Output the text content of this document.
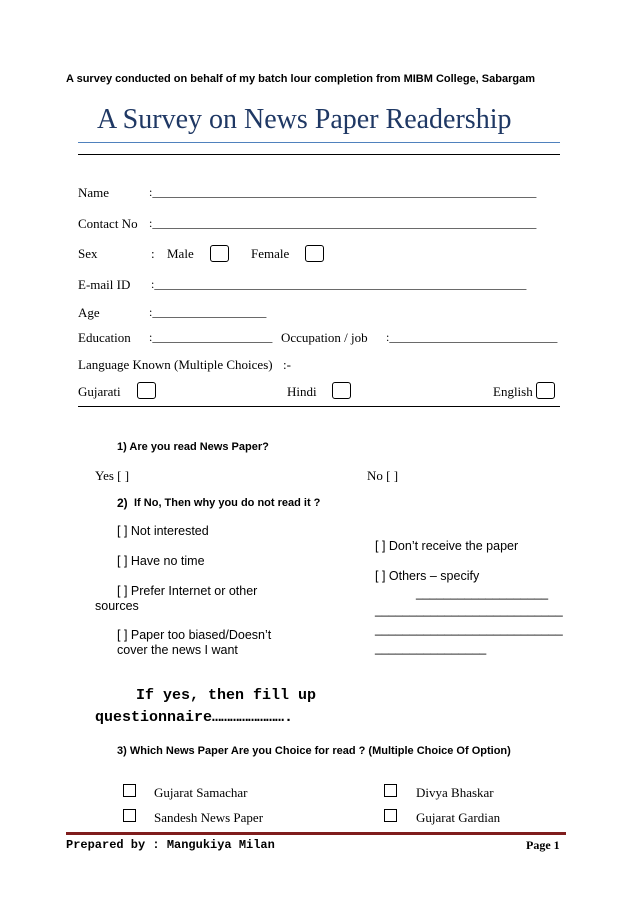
A survey conducted on behalf of my batch lour completion from MIBM College, Sabargam
A Survey on News Paper Readership
Name	:________________________________________________________________
Contact No :________________________________________________________________
Sex	: Male	Female
E-mail ID :______________________________________________________________
Age	:___________________
Education :____________________ Occupation / job :____________________________
Language Known (Multiple Choices) :-
Gujarati	Hindi	English
1) Are you read News Paper?
Yes [ ]	No [ ]
2) If No, Then why you do not read it ?
[ ] Not interested
[ ] Have no time
[ ] Prefer Internet or other
sources
[ ] Paper too biased/Doesn’t
cover the news I want
[ ] Don’t receive the paper
[ ] Others – specify
___________________
___________________________
___________________________
________________
If yes, then fill up
questionnaire…………………….
3) Which News Paper Are you Choice for read ? (Multiple Choice Of Option)
Gujarat Samachar	Divya Bhaskar
Sandesh News Paper	Gujarat Gardian
Prepared by : Mangukiya Milan	Page 1
